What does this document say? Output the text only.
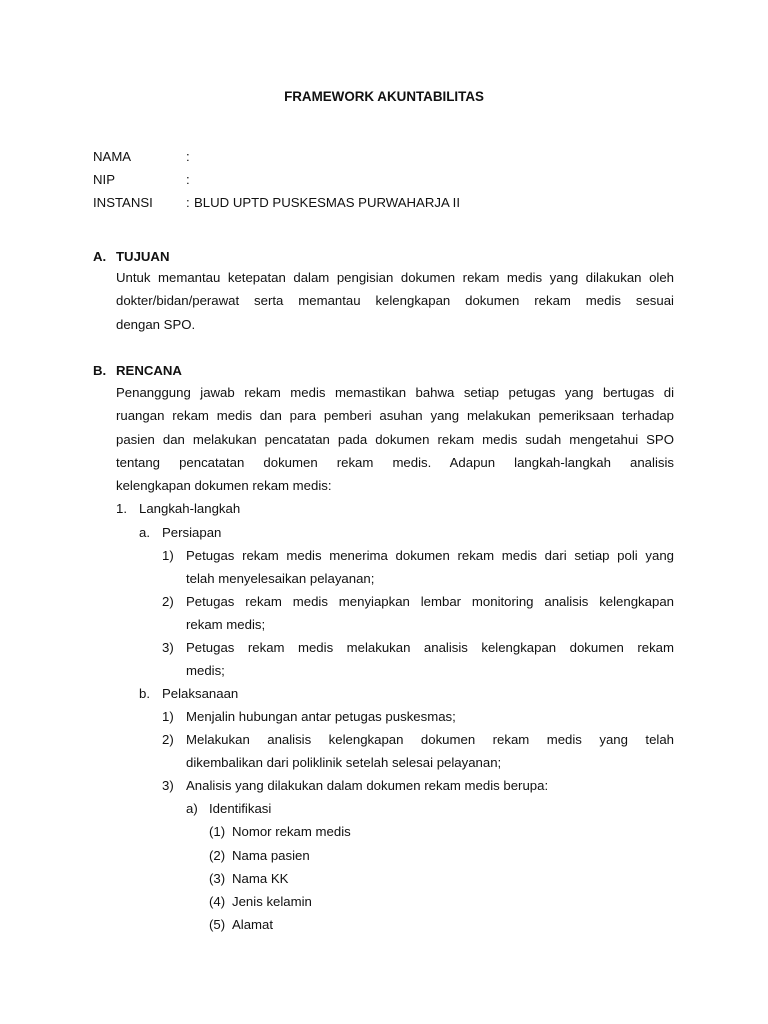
FRAMEWORK AKUNTABILITAS
NAMA	:
NIP	:
INSTANSI	: BLUD UPTD PUSKESMAS PURWAHARJA II
A. TUJUAN
Untuk memantau ketepatan dalam pengisian dokumen rekam medis yang dilakukan oleh
dokter/bidan/perawat serta memantau kelengkapan dokumen rekam medis sesuai
dengan SPO.
B. RENCANA
Penanggung jawab rekam medis memastikan bahwa setiap petugas yang bertugas di
ruangan rekam medis dan para pemberi asuhan yang melakukan pemeriksaan terhadap
pasien dan melakukan pencatatan pada dokumen rekam medis sudah mengetahui SPO
tentang pencatatan dokumen rekam medis. Adapun langkah-langkah analisis
kelengkapan dokumen rekam medis:
1. Langkah-langkah
a. Persiapan
1) Petugas rekam medis menerima dokumen rekam medis dari setiap poli yang
telah menyelesaikan pelayanan;
2) Petugas rekam medis menyiapkan lembar monitoring analisis kelengkapan
rekam medis;
3) Petugas rekam medis melakukan analisis kelengkapan dokumen rekam
medis;
b. Pelaksanaan
1) Menjalin hubungan antar petugas puskesmas;
2) Melakukan analisis kelengkapan dokumen rekam medis yang telah
dikembalikan dari poliklinik setelah selesai pelayanan;
3) Analisis yang dilakukan dalam dokumen rekam medis berupa:
a) Identifikasi
(1) Nomor rekam medis
(2) Nama pasien
(3) Nama KK
(4) Jenis kelamin
(5) Alamat
